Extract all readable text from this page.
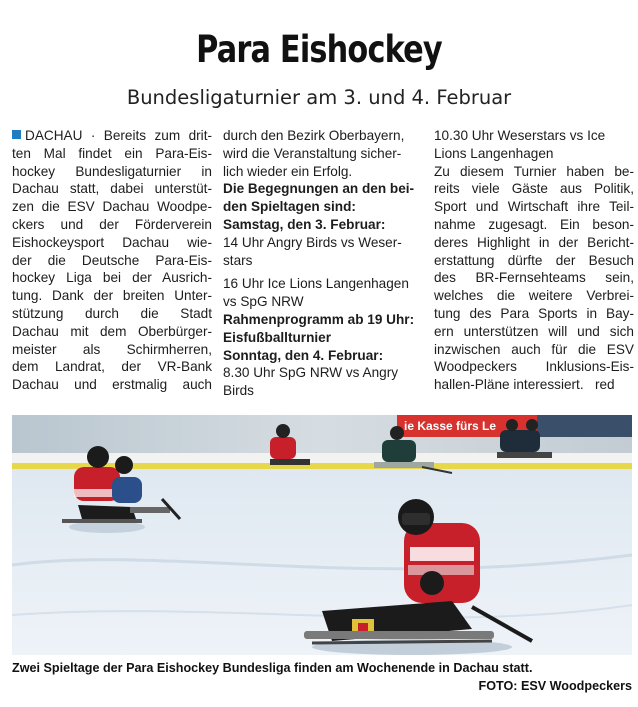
Para Eishockey
Bundesligaturnier am 3. und 4. Februar
DACHAU · Bereits zum drit-
ten Mal findet ein Para-Eis-
hockey Bundesligaturnier in
Dachau statt, dabei unterstüt-
zen die ESV Dachau Woodpe-
ckers und der Förderverein
Eishockeysport Dachau wie-
der die Deutsche Para-Eis-
hockey Liga bei der Ausrich-
tung. Dank der breiten Unter-
stützung durch die Stadt
Dachau mit dem Oberbürger-
meister als Schirmherren,
dem Landrat, der VR-Bank
Dachau und erstmalig auch
durch den Bezirk Oberbayern,
wird die Veranstaltung sicher-
lich wieder ein Erfolg.
Die Begegnungen an den bei-
den Spieltagen sind:
Samstag, den 3. Februar:
14 Uhr Angry Birds vs Weser-
stars
16 Uhr Ice Lions Langenhagen
vs SpG NRW
Rahmenprogramm ab 19 Uhr:
Eisfußballturnier
Sonntag, den 4. Februar:
8.30 Uhr SpG NRW vs Angry
Birds
10.30 Uhr Weserstars vs Ice
Lions Langenhagen
Zu diesem Turnier haben be-
reits viele Gäste aus Politik,
Sport und Wirtschaft ihre Teil-
nahme zugesagt. Ein beson-
deres Highlight in der Bericht-
erstattung dürfte der Besuch
des BR-Fernsehteams sein,
welches die weitere Verbrei-
tung des Para Sports in Bay-
ern unterstützen will und sich
inzwischen auch für die ESV
Woodpeckers Inklusions-Eis-
hallen-Pläne interessiert.   red
ie Kasse fürs Le
Zwei Spieltage der Para Eishockey Bundesliga finden am Wochenende in Dachau statt.
FOTO: ESV Woodpeckers
